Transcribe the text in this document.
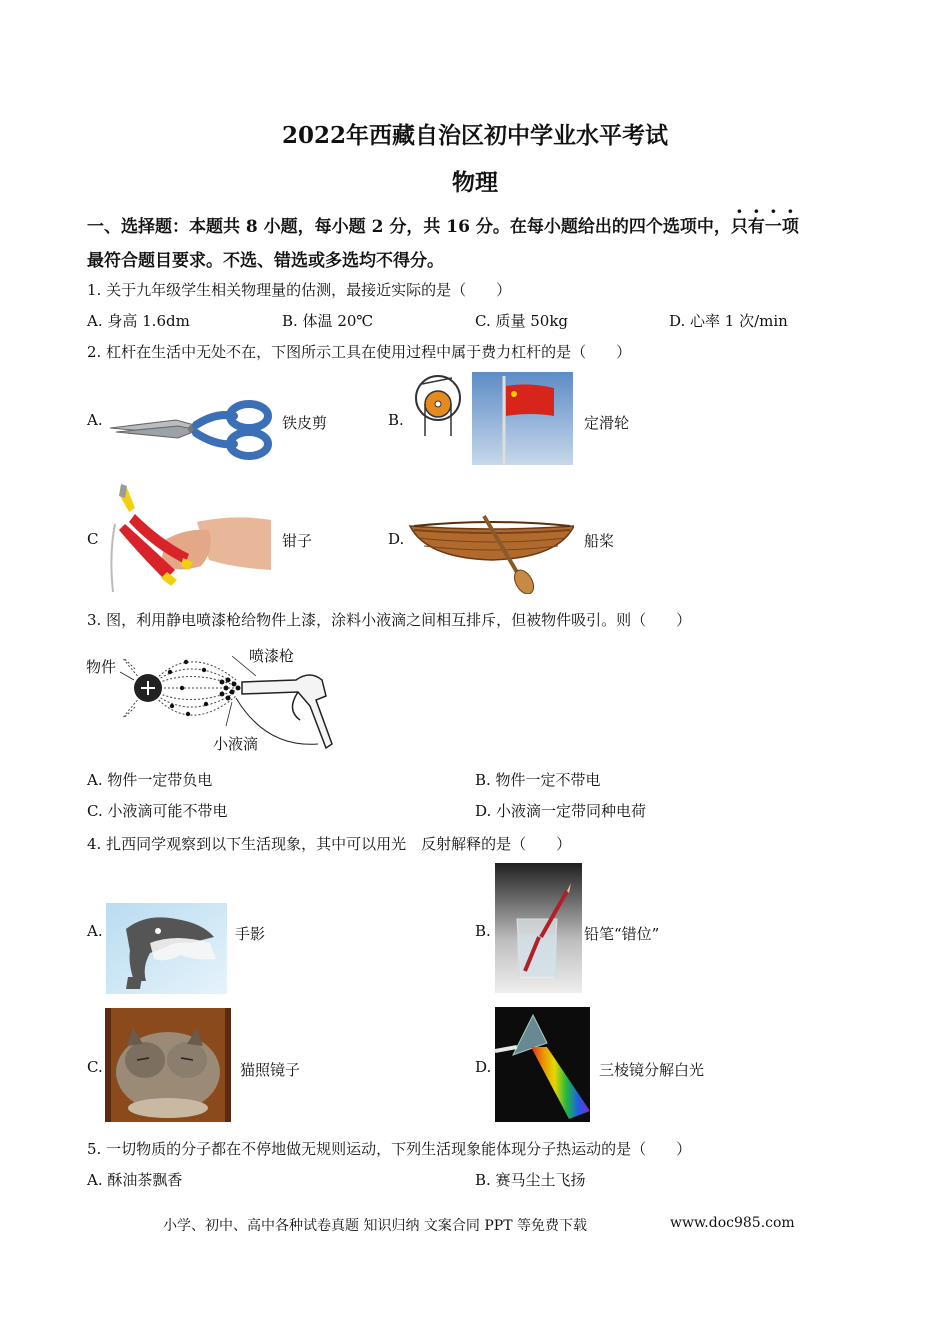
2022年西藏自治区初中学业水平考试
物理
一、选择题：本题共 8 小题，每小题 2 分，共 16 分。在每小题给出的四个选项中，只有一项
最符合题目要求。不选、错选或多选均不得分。
1. 关于九年级学生相关物理量的估测，最接近实际的是（　　）
A. 身高 1.6dm	B. 体温 20℃	C. 质量 50kg	D. 心率 1 次/min
2. 杠杆在生活中无处不在，下图所示工具在使用过程中属于费力杠杆的是（　　）
A.	铁皮剪	B.	定滑轮
C	钳子	D.	船桨
3. 图，利用静电喷漆枪给物件上漆，涂料小液滴之间相互排斥，但被物件吸引。则（　　）
物件
喷漆枪
小液滴
A. 物件一定带负电	B. 物件一定不带电
C. 小液滴可能不带电	D. 小液滴一定带同种电荷
4. 扎西同学观察到以下生活现象，其中可以用光　反射解释的是（　　）
A.	手影	B.	铅笔“错位”
C.	猫照镜子	D.	三棱镜分解白光
5. 一切物质的分子都在不停地做无规则运动，下列生活现象能体现分子热运动的是（　　）
A. 酥油茶飘香	B. 赛马尘土飞扬
小学、初中、高中各种试卷真题 知识归纳 文案合同 PPT 等免费下载	www.doc985.com
